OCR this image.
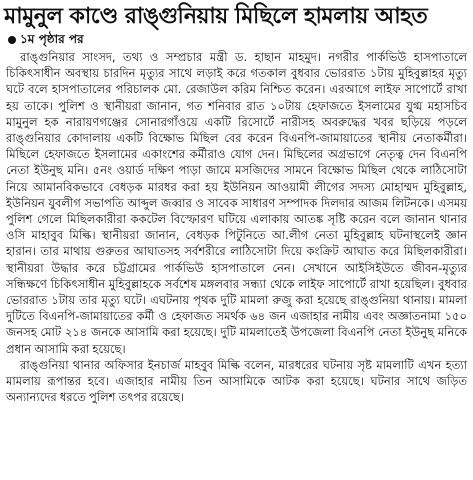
মামুনুল কাণ্ডে রাঙ্গুনিয়ায় মিছিলে হামলায় আহত
১ম পৃষ্ঠার পর

রাঙ্গুনিয়ার সাংসদ, তথ্য ও সম্প্রচার মন্ত্রী ড. হাছান মাহমুদ। নগরীর পার্কভিউ হাসপাতালে চিকিৎসাধীন অবস্থায় চারদিন মৃত্যুর সাথে লড়াই করে গতকাল বুধবার ভোররাত ১টায় মুহিবুল্লাহর মৃত্যু ঘটে বলে হাসপাতালের পরিচালক মো. রেজাউল করিম নিশ্চিত করেন। এরআগে লাইফ সাপোর্টে রাখা হয় তাকে। পুলিশ ও স্থানীয়রা জানান, গত শনিবার রাত ১০টায় হেফাজতে ইসলামের যুগ্ম মহাসচিব মামুনুল হক নারায়ণগঞ্জের সোনারগাঁওয়ে একটি রিসোর্টে নারীসহ অবরুদ্ধের খবর ছড়িয়ে পড়লে রাঙ্গুনিয়ার কোদালায় একটি বিক্ষোভ মিছিল বের করেন বিএনপি-জামায়াতের স্থানীয় নেতাকর্মীরা। মিছিলে হেফাজতে ইসলামের একাংশের কর্মীরাও যোগ দেন। মিছিলের অগ্রভাগে নেতৃত্ব দেন বিএনপি নেতা ইউনুছ মনি। ৫নং ওয়ার্ড দক্ষিণ পাড়া জামে মসজিদের সামনে বিক্ষোভ মিছিল থেকে লাঠিসোটা নিয়ে আমানবিকভাবে বেধড়ক মারধর করা হয় ইউনিয়ন আওয়ামী লীগের সদস্য মোহাম্মদ মুহিবুল্লাহ, ইউনিয়ন যুবলীগ সভাপতি আব্দুল জব্বার ও সাবেক সাধারণ সম্পাদক দিলদার আজম লিটনকে। এসময় পুলিশ গেলে মিছিলকারীরা ককটেল বিস্ফোরণ ঘটিয়ে এলাকায় আতঙ্ক সৃষ্টি করেন বলে জানান থানার ওসি মাহাবুব মিল্কি। স্থানীয়রা জানান, বেধড়ক পিটুনিতে আ.লীগ নেতা মুহিবুল্লাহ ঘটনাস্থলেই জ্ঞান হারান। তার মাথায় গুরুতর আঘাতসহ সর্বশরীরে লাঠিসোটা দিয়ে কংক্রিট আঘাত করে মিছিলকারীরা। স্থানীয়রা উদ্ধার করে চট্টগ্রামের পার্কভিউ হাসপাতালে নেন। সেখানে আইসিইউতে জীবন-মৃত্যুর সন্ধিক্ষণে চিকিৎসাধীন মুহিবুল্লাহকে সর্বশেষ মঙ্গলবার সন্ধ্যা থেকে লাইফ সাপোর্টে রাখা হয়েছিল। বুধবার ভোররাত ১টায় তার মৃত্যু ঘটে। এঘটনায় পৃথক দুটি মামলা রুজু করা হয়েছে রাঙ্গুনিয়া থানায়। মামলা দুটিতে বিএনপি-জামায়াতের কর্মী ও হেফাজত সমর্থক ৬৪ জন এজাহার নামীয় এবং অজ্ঞাতনামা ১৫০ জনসহ মোট ২১৪ জনকে আসামি করা হয়েছে। দুটি মামলাতেই উপজেলা বিএনপি নেতা ইউনুছ মনিকে প্রধান আসামি করা হয়েছে।

রাঙ্গুনিয়া থানার অফিসার ইনচার্জ মাহবুব মিল্কি বলেন, মারধরের ঘটনায় সৃষ্ট মামলাটি এখন হত্যা মামলায় রূপান্তর হবে। এজাহার নামীয় তিন আসামিকে আটক করা হয়েছে। ঘটনার সাথে জড়িত অন্যান্যদের ধরতে পুলিশ তৎপর রয়েছে।
